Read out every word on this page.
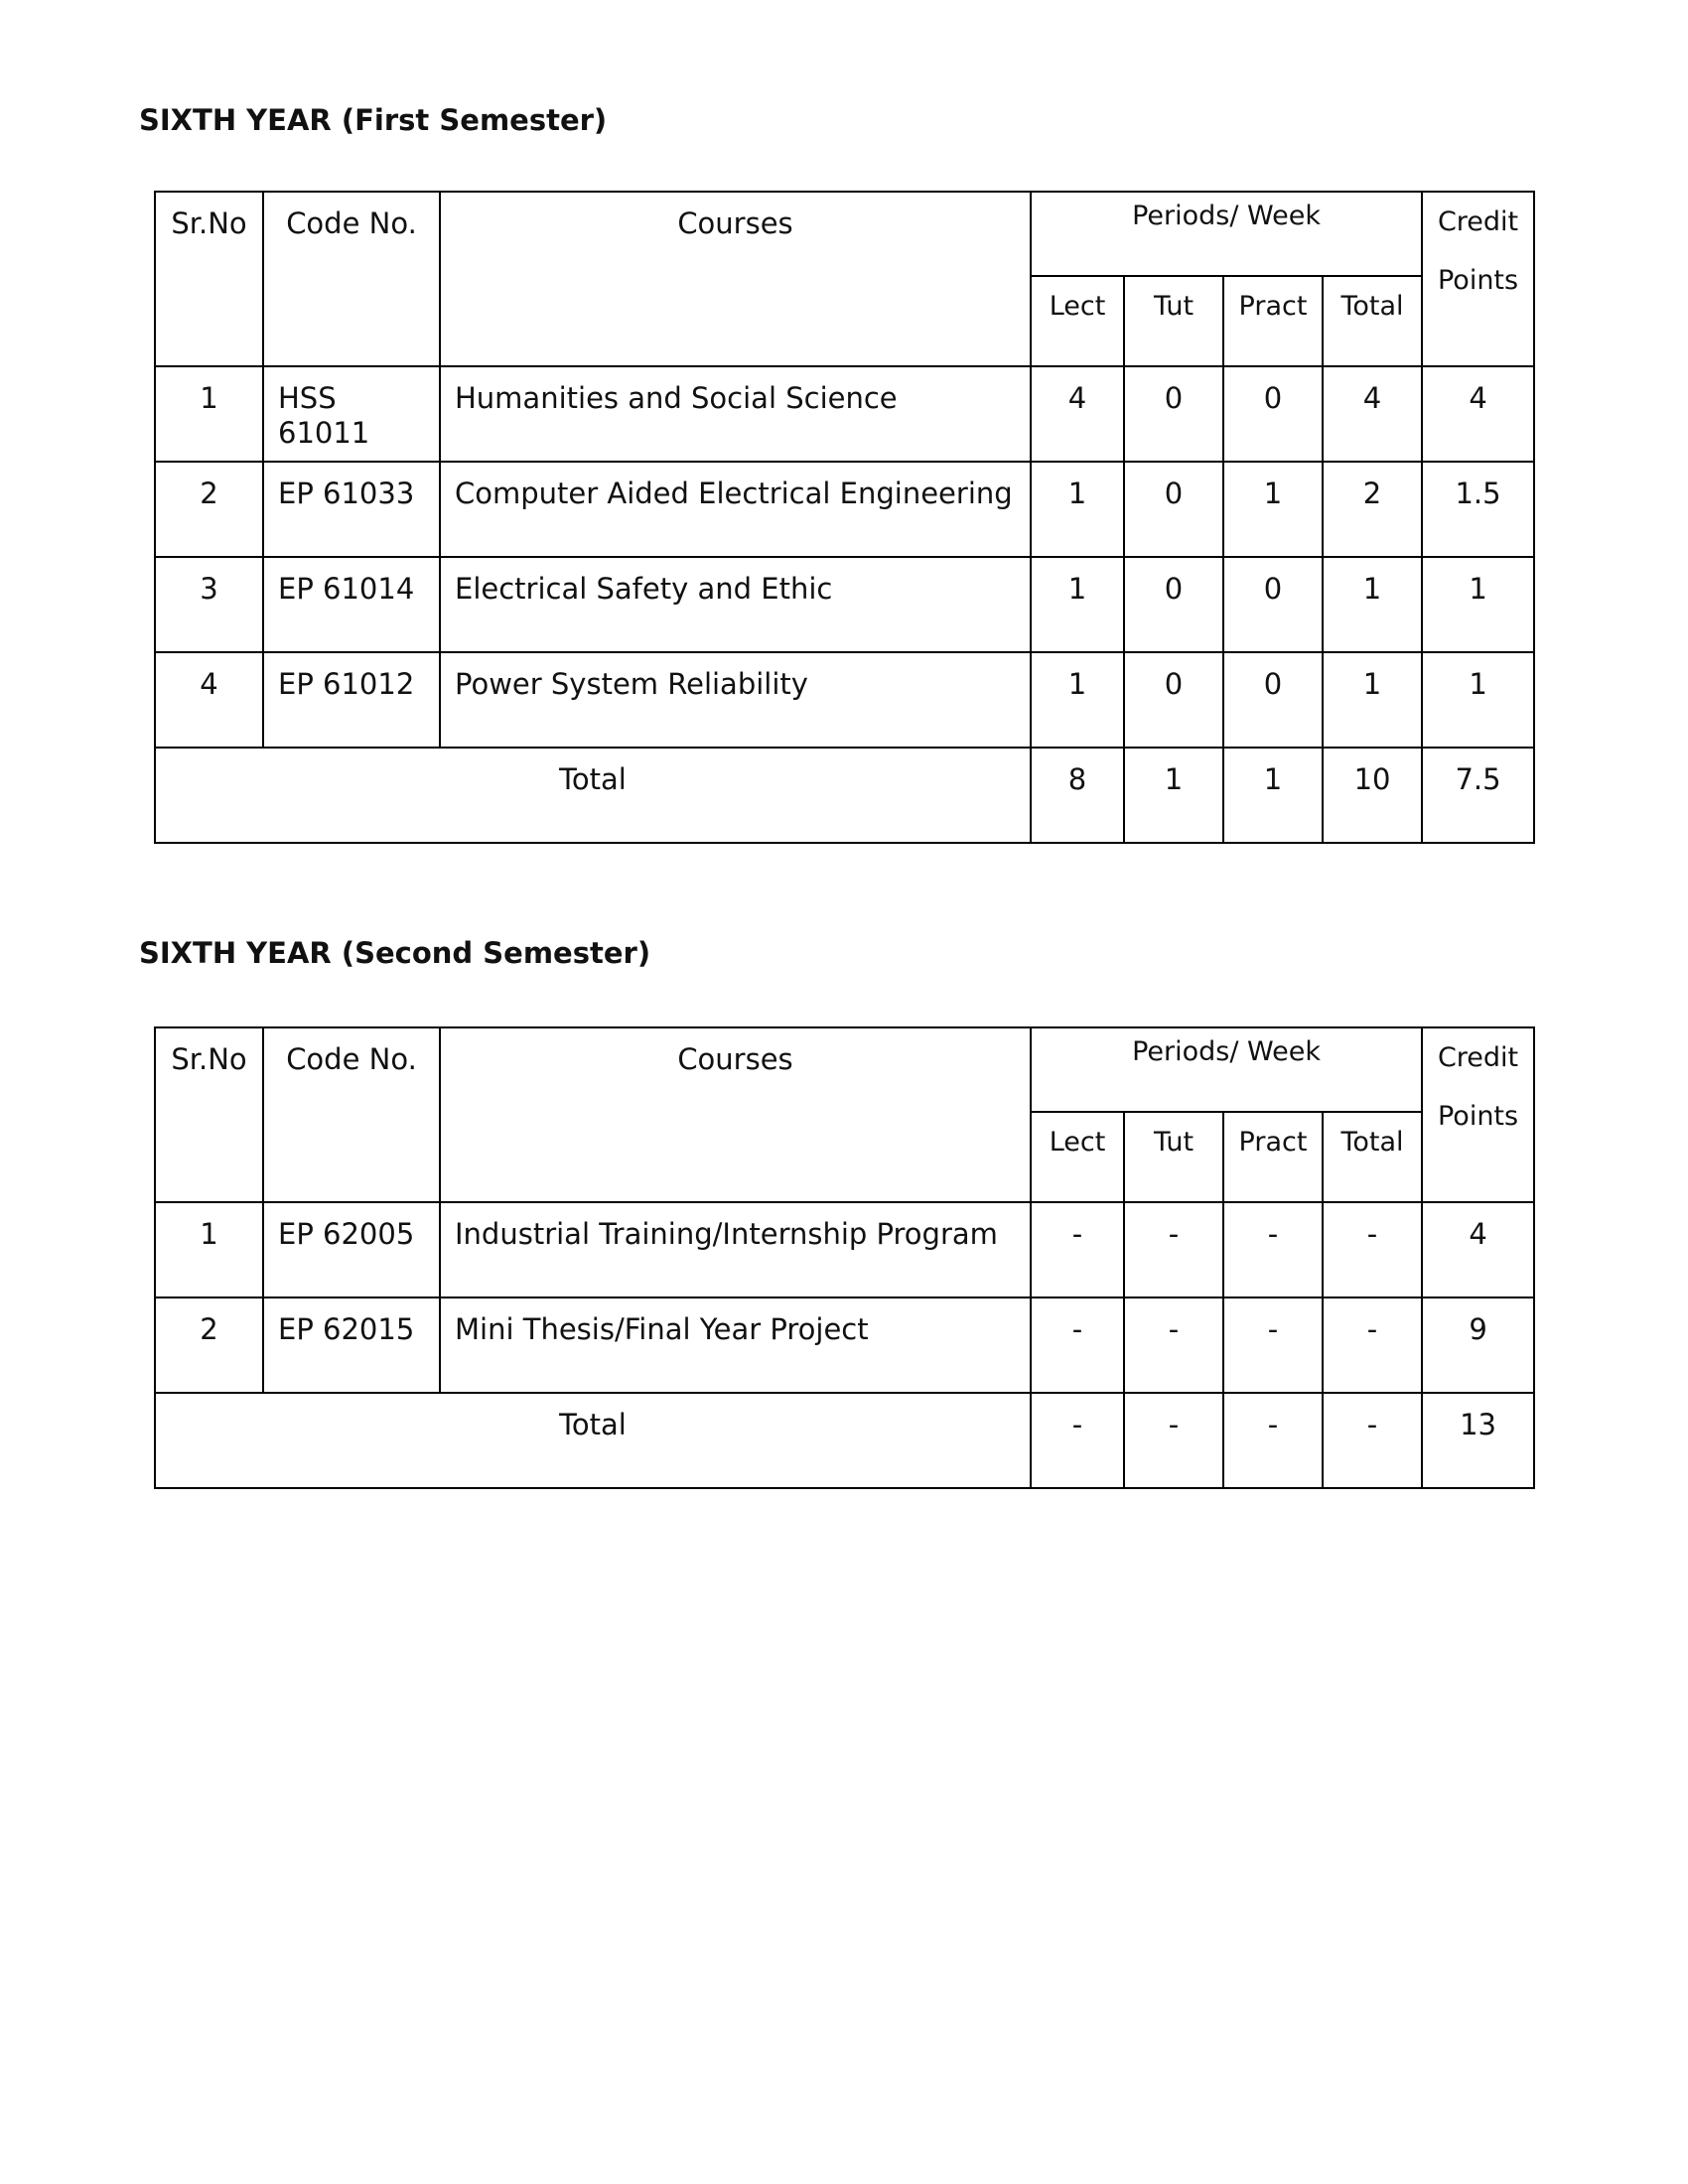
SIXTH YEAR (First Semester)
Sr.No	Code No.	Courses	Periods/ Week				Credit
Points
			Lect	Tut	Pract	Total	
1	HSS 61011	Humanities and Social Science	4	0	0	4	4
2	EP 61033	Computer Aided Electrical Engineering	1	0	1	2	1.5
3	EP 61014	Electrical Safety and Ethic	1	0	0	1	1
4	EP 61012	Power System Reliability	1	0	0	1	1
Total			8	1	1	10	7.5
SIXTH YEAR (Second Semester)
Sr.No	Code No.	Courses	Periods/ Week				Credit
Points
			Lect	Tut	Pract	Total	
1	EP 62005	Industrial Training/Internship Program	-	-	-	-	4
2	EP 62015	Mini Thesis/Final Year Project	-	-	-	-	9
Total			-	-	-	-	13
